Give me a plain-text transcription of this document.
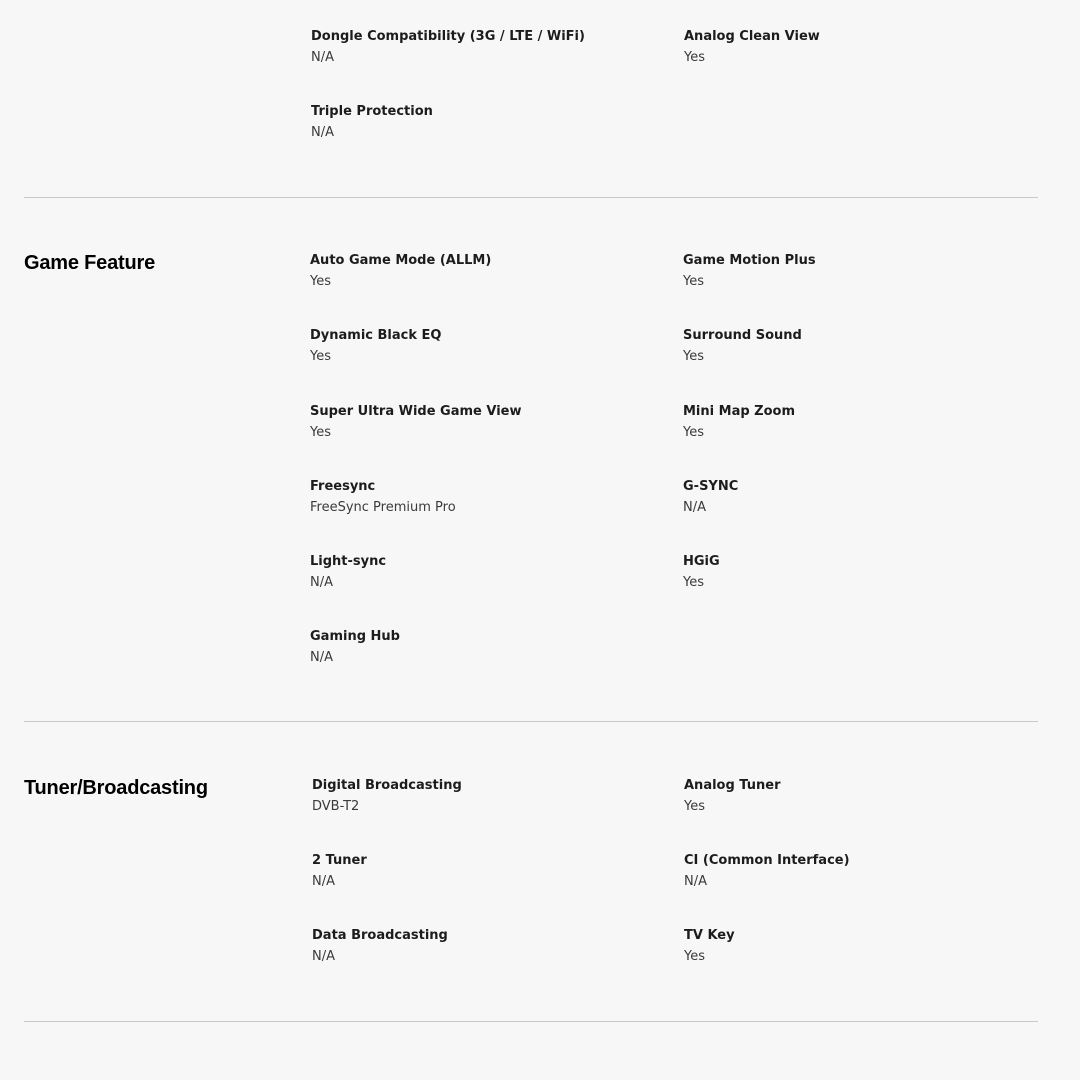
Dongle Compatibility (3G / LTE / WiFi)
N/A
Analog Clean View
Yes
Triple Protection
N/A
Game Feature	Auto Game Mode (ALLM)
Yes
Game Motion Plus
Yes
Dynamic Black EQ
Yes
Surround Sound
Yes
Super Ultra Wide Game View
Yes
Mini Map Zoom
Yes
Freesync
FreeSync Premium Pro
G-SYNC
N/A
Light-sync
N/A
HGiG
Yes
Gaming Hub
N/A
Tuner/Broadcasting	Digital Broadcasting
DVB-T2
Analog Tuner
Yes
2 Tuner
N/A
CI (Common Interface)
N/A
Data Broadcasting
N/A
TV Key
Yes
